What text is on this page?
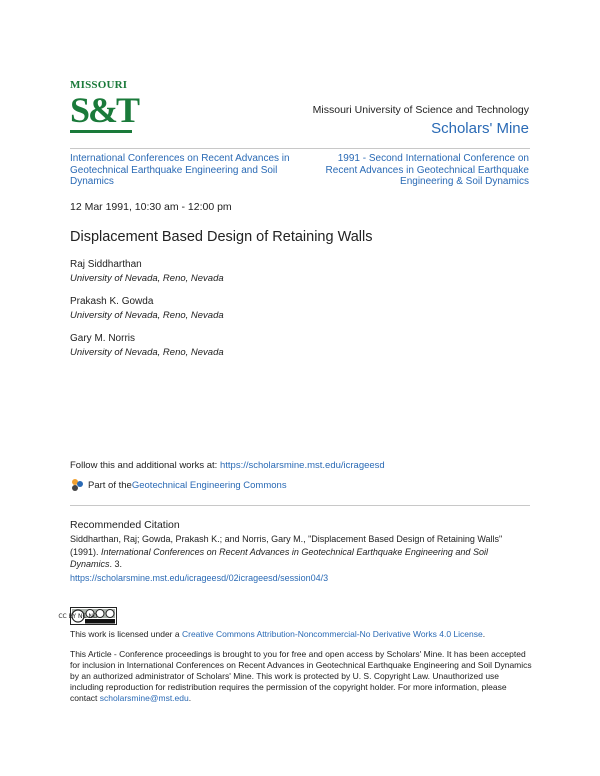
MISSOURI
S&T	Missouri University of Science and Technology
Scholars' Mine
International Conferences on Recent Advances in Geotechnical Earthquake Engineering and Soil Dynamics
1991 - Second International Conference on Recent Advances in Geotechnical Earthquake Engineering & Soil Dynamics
12 Mar 1991, 10:30 am - 12:00 pm
Displacement Based Design of Retaining Walls
Raj Siddharthan
University of Nevada, Reno, Nevada
Prakash K. Gowda
University of Nevada, Reno, Nevada
Gary M. Norris
University of Nevada, Reno, Nevada
Follow this and additional works at: https://scholarsmine.mst.edu/icrageesd
Part of the Geotechnical Engineering Commons
Recommended Citation
Siddharthan, Raj; Gowda, Prakash K.; and Norris, Gary M., "Displacement Based Design of Retaining Walls" (1991). International Conferences on Recent Advances in Geotechnical Earthquake Engineering and Soil Dynamics. 3.
https://scholarsmine.mst.edu/icrageesd/02icrageesd/session04/3
CC BY NC ND
This work is licensed under a Creative Commons Attribution-Noncommercial-No Derivative Works 4.0 License.
This Article - Conference proceedings is brought to you for free and open access by Scholars' Mine. It has been accepted for inclusion in International Conferences on Recent Advances in Geotechnical Earthquake Engineering and Soil Dynamics by an authorized administrator of Scholars' Mine. This work is protected by U. S. Copyright Law. Unauthorized use including reproduction for redistribution requires the permission of the copyright holder. For more information, please contact scholarsmine@mst.edu.
